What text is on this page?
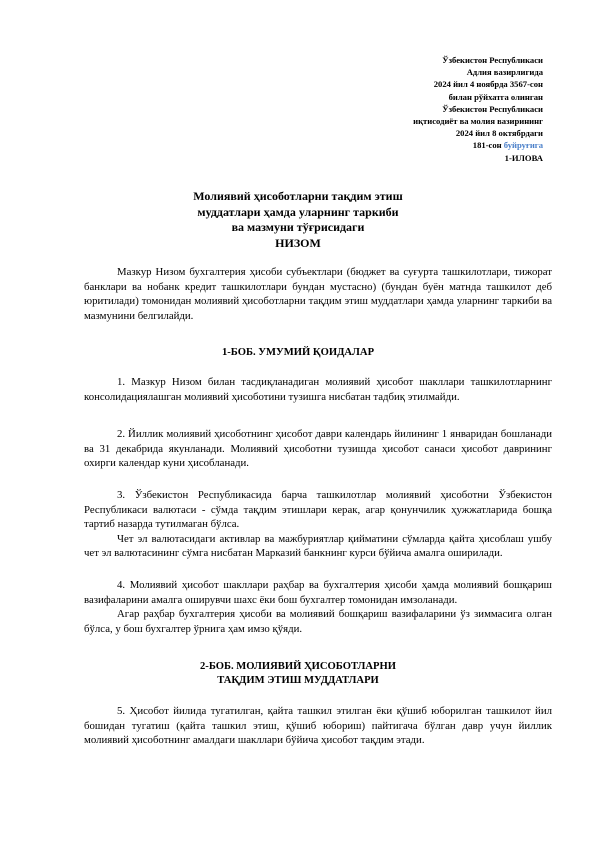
Ўзбекистон Республикаси
Адлия вазирлигида
2024 йил 4 ноябрда 3567-сон
билан рўйхатга олинган
Ўзбекистон Республикаси
иқтисодиёт ва молия вазирининг
2024 йил 8 октябрдаги
181-сон буйруғига
1-ИЛОВА
Молиявий ҳисоботларни тақдим этиш
муддатлари ҳамда уларнинг таркиби
ва мазмуни тўғрисидаги
НИЗОМ

Мазкур Низом бухгалтерия ҳисоби субъектлари (бюджет ва суғурта ташкилотлари, тижорат банклари ва нобанк кредит ташкилотлари бундан мустасно) (бундан буён матнда ташкилот деб юритилади) томонидан молиявий ҳисоботларни тақдим этиш муддатлари ҳамда уларнинг таркиби ва мазмунини белгилайди.

1-БОБ. УМУМИЙ ҚОИДАЛАР

1. Мазкур Низом билан тасдиқланадиган молиявий ҳисобот шакллари ташкилотларнинг консолидациялашган молиявий ҳисоботини тузишга нисбатан тадбиқ этилмайди.

2. Йиллик молиявий ҳисоботнинг ҳисобот даври календарь йилининг 1 январидан бошланади ва 31 декабрида якунланади. Молиявий ҳисоботни тузишда ҳисобот санаси ҳисобот даврининг охирги календар куни ҳисобланади.

3. Ўзбекистон Республикасида барча ташкилотлар молиявий ҳисоботни Ўзбекистон Республикаси валютаси - сўмда тақдим этишлари керак, агар қонунчилик ҳужжатларида бошқа тартиб назарда тутилмаган бўлса.

Чет эл валютасидаги активлар ва мажбуриятлар қийматини сўмларда қайта ҳисоблаш ушбу чет эл валютасининг сўмга нисбатан Марказий банкнинг курси бўйича амалга оширилади.

4. Молиявий ҳисобот шакллари раҳбар ва бухгалтерия ҳисоби ҳамда молиявий бошқариш вазифаларини амалга оширувчи шахс ёки бош бухгалтер томонидан имзоланади.

Агар раҳбар бухгалтерия ҳисоби ва молиявий бошқариш вазифаларини ўз зиммасига олган бўлса, у бош бухгалтер ўрнига ҳам имзо қўяди.

2-БОБ. МОЛИЯВИЙ ҲИСОБОТЛАРНИ
ТАҚДИМ ЭТИШ МУДДАТЛАРИ

5. Ҳисобот йилида тугатилган, қайта ташкил этилган ёки қўшиб юборилган ташкилот йил бошидан тугатиш (қайта ташкил этиш, қўшиб юбориш) пайтигача бўлган давр учун йиллик молиявий ҳисоботнинг амалдаги шакллари бўйича ҳисобот тақдим этади.
